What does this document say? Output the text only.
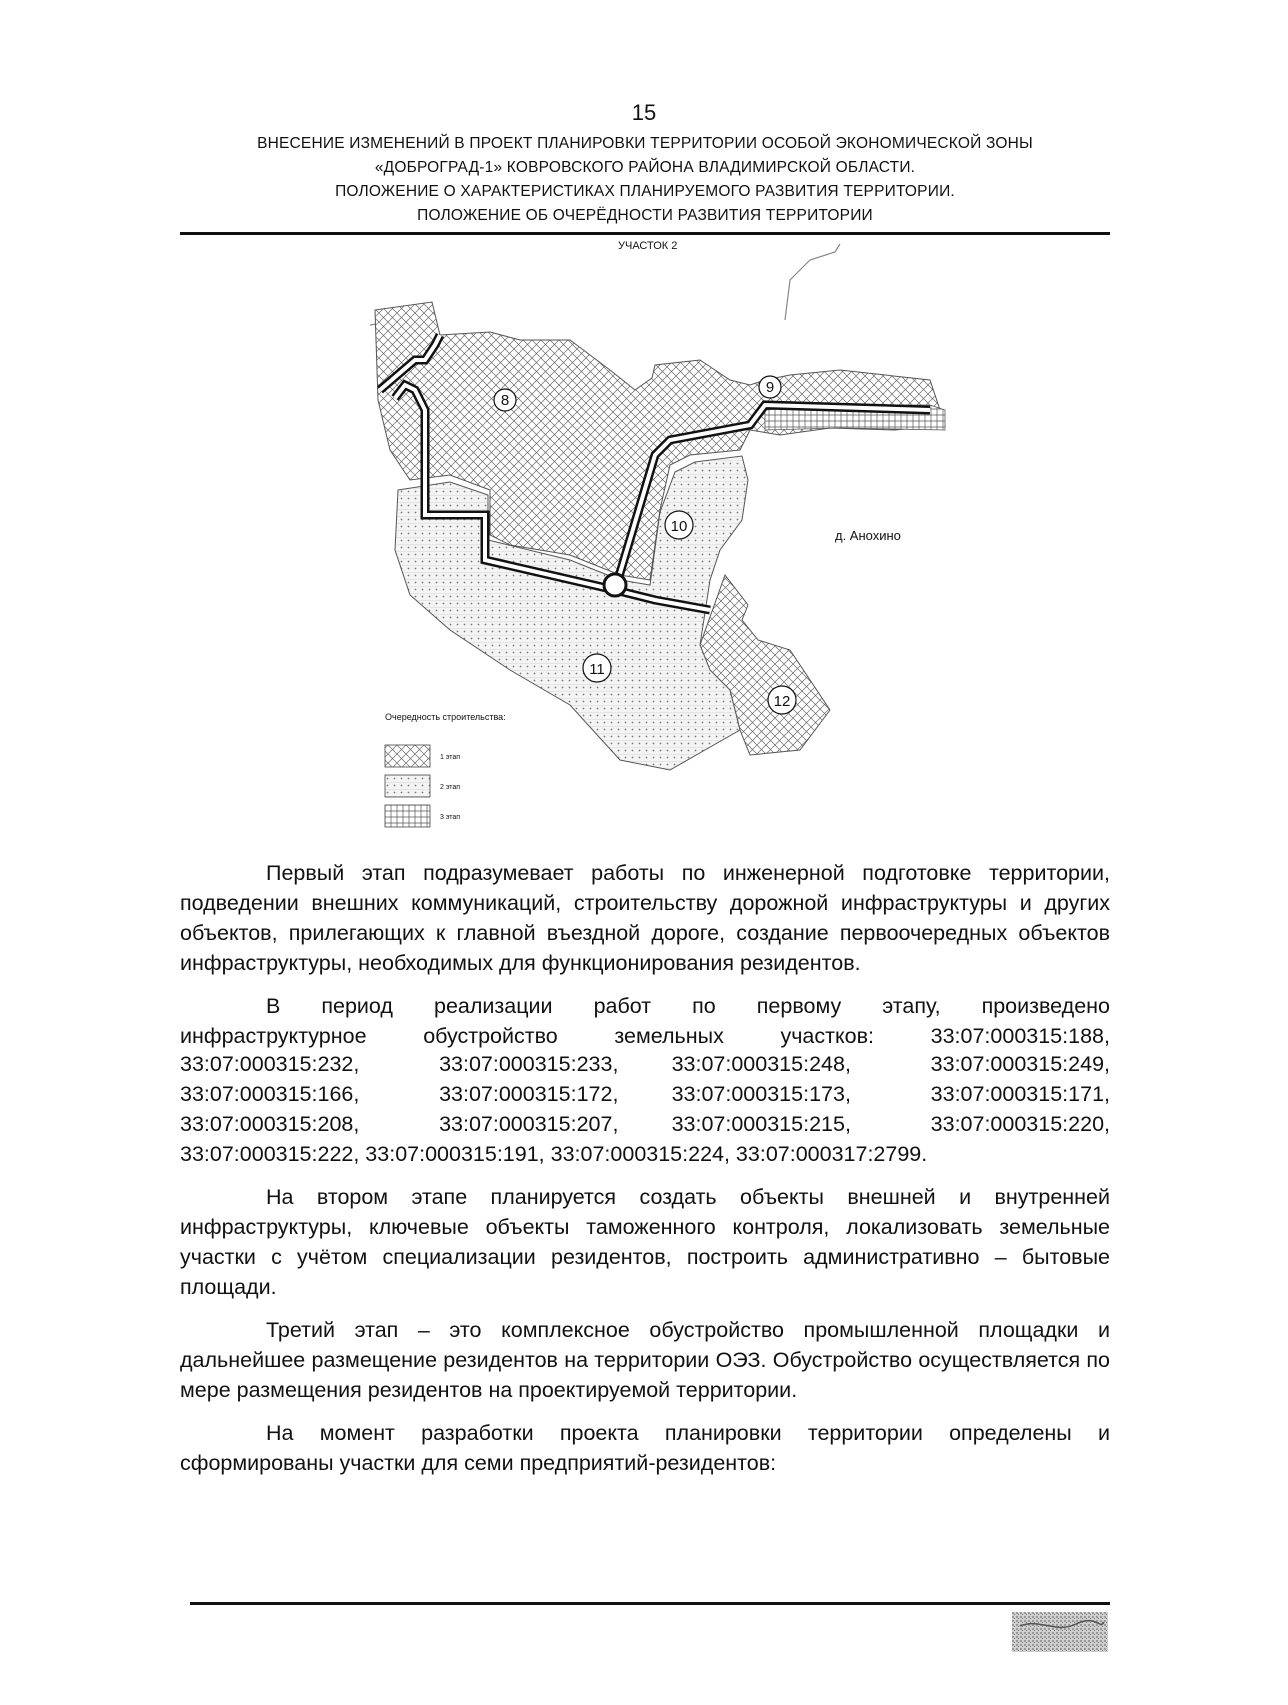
15
ВНЕСЕНИЕ ИЗМЕНЕНИЙ В ПРОЕКТ ПЛАНИРОВКИ ТЕРРИТОРИИ ОСОБОЙ ЭКОНОМИЧЕСКОЙ ЗОНЫ
«ДОБРОГРАД-1» КОВРОВСКОГО РАЙОНА ВЛАДИМИРСКОЙ ОБЛАСТИ.
ПОЛОЖЕНИЕ О ХАРАКТЕРИСТИКАХ ПЛАНИРУЕМОГО РАЗВИТИЯ ТЕРРИТОРИИ.
ПОЛОЖЕНИЕ ОБ ОЧЕРЁДНОСТИ РАЗВИТИЯ ТЕРРИТОРИИ
УЧАСТОК 2
д. Анохино
8
9
10
11
12
Очередность строительства:
1 этап
2 этап
3 этап

Первый этап подразумевает работы по инженерной подготовке территории, подведении внешних коммуникаций, строительству дорожной инфраструктуры и других объектов, прилегающих к главной въездной дороге, создание первоочередных объектов инфраструктуры, необходимых для функционирования резидентов.

В период реализации работ по первому этапу, произведено
инфраструктурное	обустройство	земельных	участков:	33:07:000315:188,
33:07:000315:232,	33:07:000315:233,	33:07:000315:248,	33:07:000315:249,
33:07:000315:166,	33:07:000315:172,	33:07:000315:173,	33:07:000315:171,
33:07:000315:208,	33:07:000315:207,	33:07:000315:215,	33:07:000315:220,
33:07:000315:222, 33:07:000315:191, 33:07:000315:224, 33:07:000317:2799.

На втором этапе планируется создать объекты внешней и внутренней инфраструктуры, ключевые объекты таможенного контроля, локализовать земельные участки с учётом специализации резидентов, построить административно – бытовые площади.

Третий этап – это комплексное обустройство промышленной площадки и дальнейшее размещение резидентов на территории ОЭЗ. Обустройство осуществляется по мере размещения резидентов на проектируемой территории.

На момент разработки проекта планировки территории определены и сформированы участки для семи предприятий-резидентов:
